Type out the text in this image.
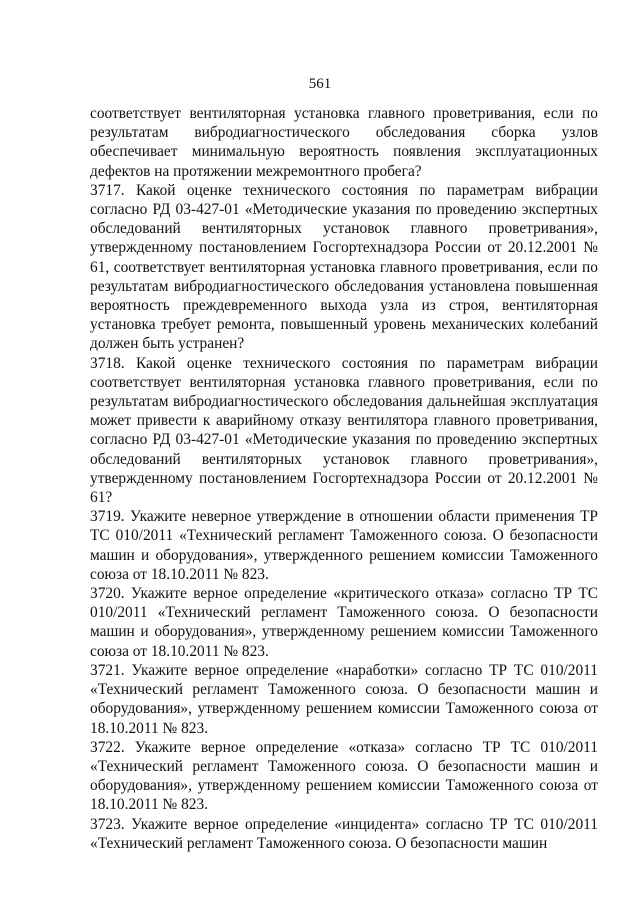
561

соответствует вентиляторная установка главного проветривания, если по результатам вибродиагностического обследования сборка узлов обеспечивает минимальную вероятность появления эксплуатационных дефектов на протяжении межремонтного пробега?

3717. Какой оценке технического состояния по параметрам вибрации согласно РД 03-427-01 «Методические указания по проведению экспертных обследований вентиляторных установок главного проветривания», утвержденному постановлением Госгортехнадзора России от 20.12.2001 № 61, соответствует вентиляторная установка главного проветривания, если по результатам вибродиагностического обследования установлена повышенная вероятность преждевременного выхода узла из строя, вентиляторная установка требует ремонта, повышенный уровень механических колебаний должен быть устранен?

3718. Какой оценке технического состояния по параметрам вибрации соответствует вентиляторная установка главного проветривания, если по результатам вибродиагностического обследования дальнейшая эксплуатация может привести к аварийному отказу вентилятора главного проветривания, согласно РД 03-427-01 «Методические указания по проведению экспертных обследований вентиляторных установок главного проветривания», утвержденному постановлением Госгортехнадзора России от 20.12.2001 № 61?

3719. Укажите неверное утверждение в отношении области применения ТР ТС 010/2011 «Технический регламент Таможенного союза. О безопасности машин и оборудования», утвержденного решением комиссии Таможенного союза от 18.10.2011 № 823.

3720. Укажите верное определение «критического отказа» согласно ТР ТС 010/2011 «Технический регламент Таможенного союза. О безопасности машин и оборудования», утвержденному решением комиссии Таможенного союза от 18.10.2011 № 823.

3721. Укажите верное определение «наработки» согласно ТР ТС 010/2011 «Технический регламент Таможенного союза. О безопасности машин и оборудования», утвержденному решением комиссии Таможенного союза от 18.10.2011 № 823.

3722. Укажите верное определение «отказа» согласно ТР ТС 010/2011 «Технический регламент Таможенного союза. О безопасности машин и оборудования», утвержденному решением комиссии Таможенного союза от 18.10.2011 № 823.

3723. Укажите верное определение «инцидента» согласно ТР ТС 010/2011 «Технический регламент Таможенного союза. О безопасности машин
